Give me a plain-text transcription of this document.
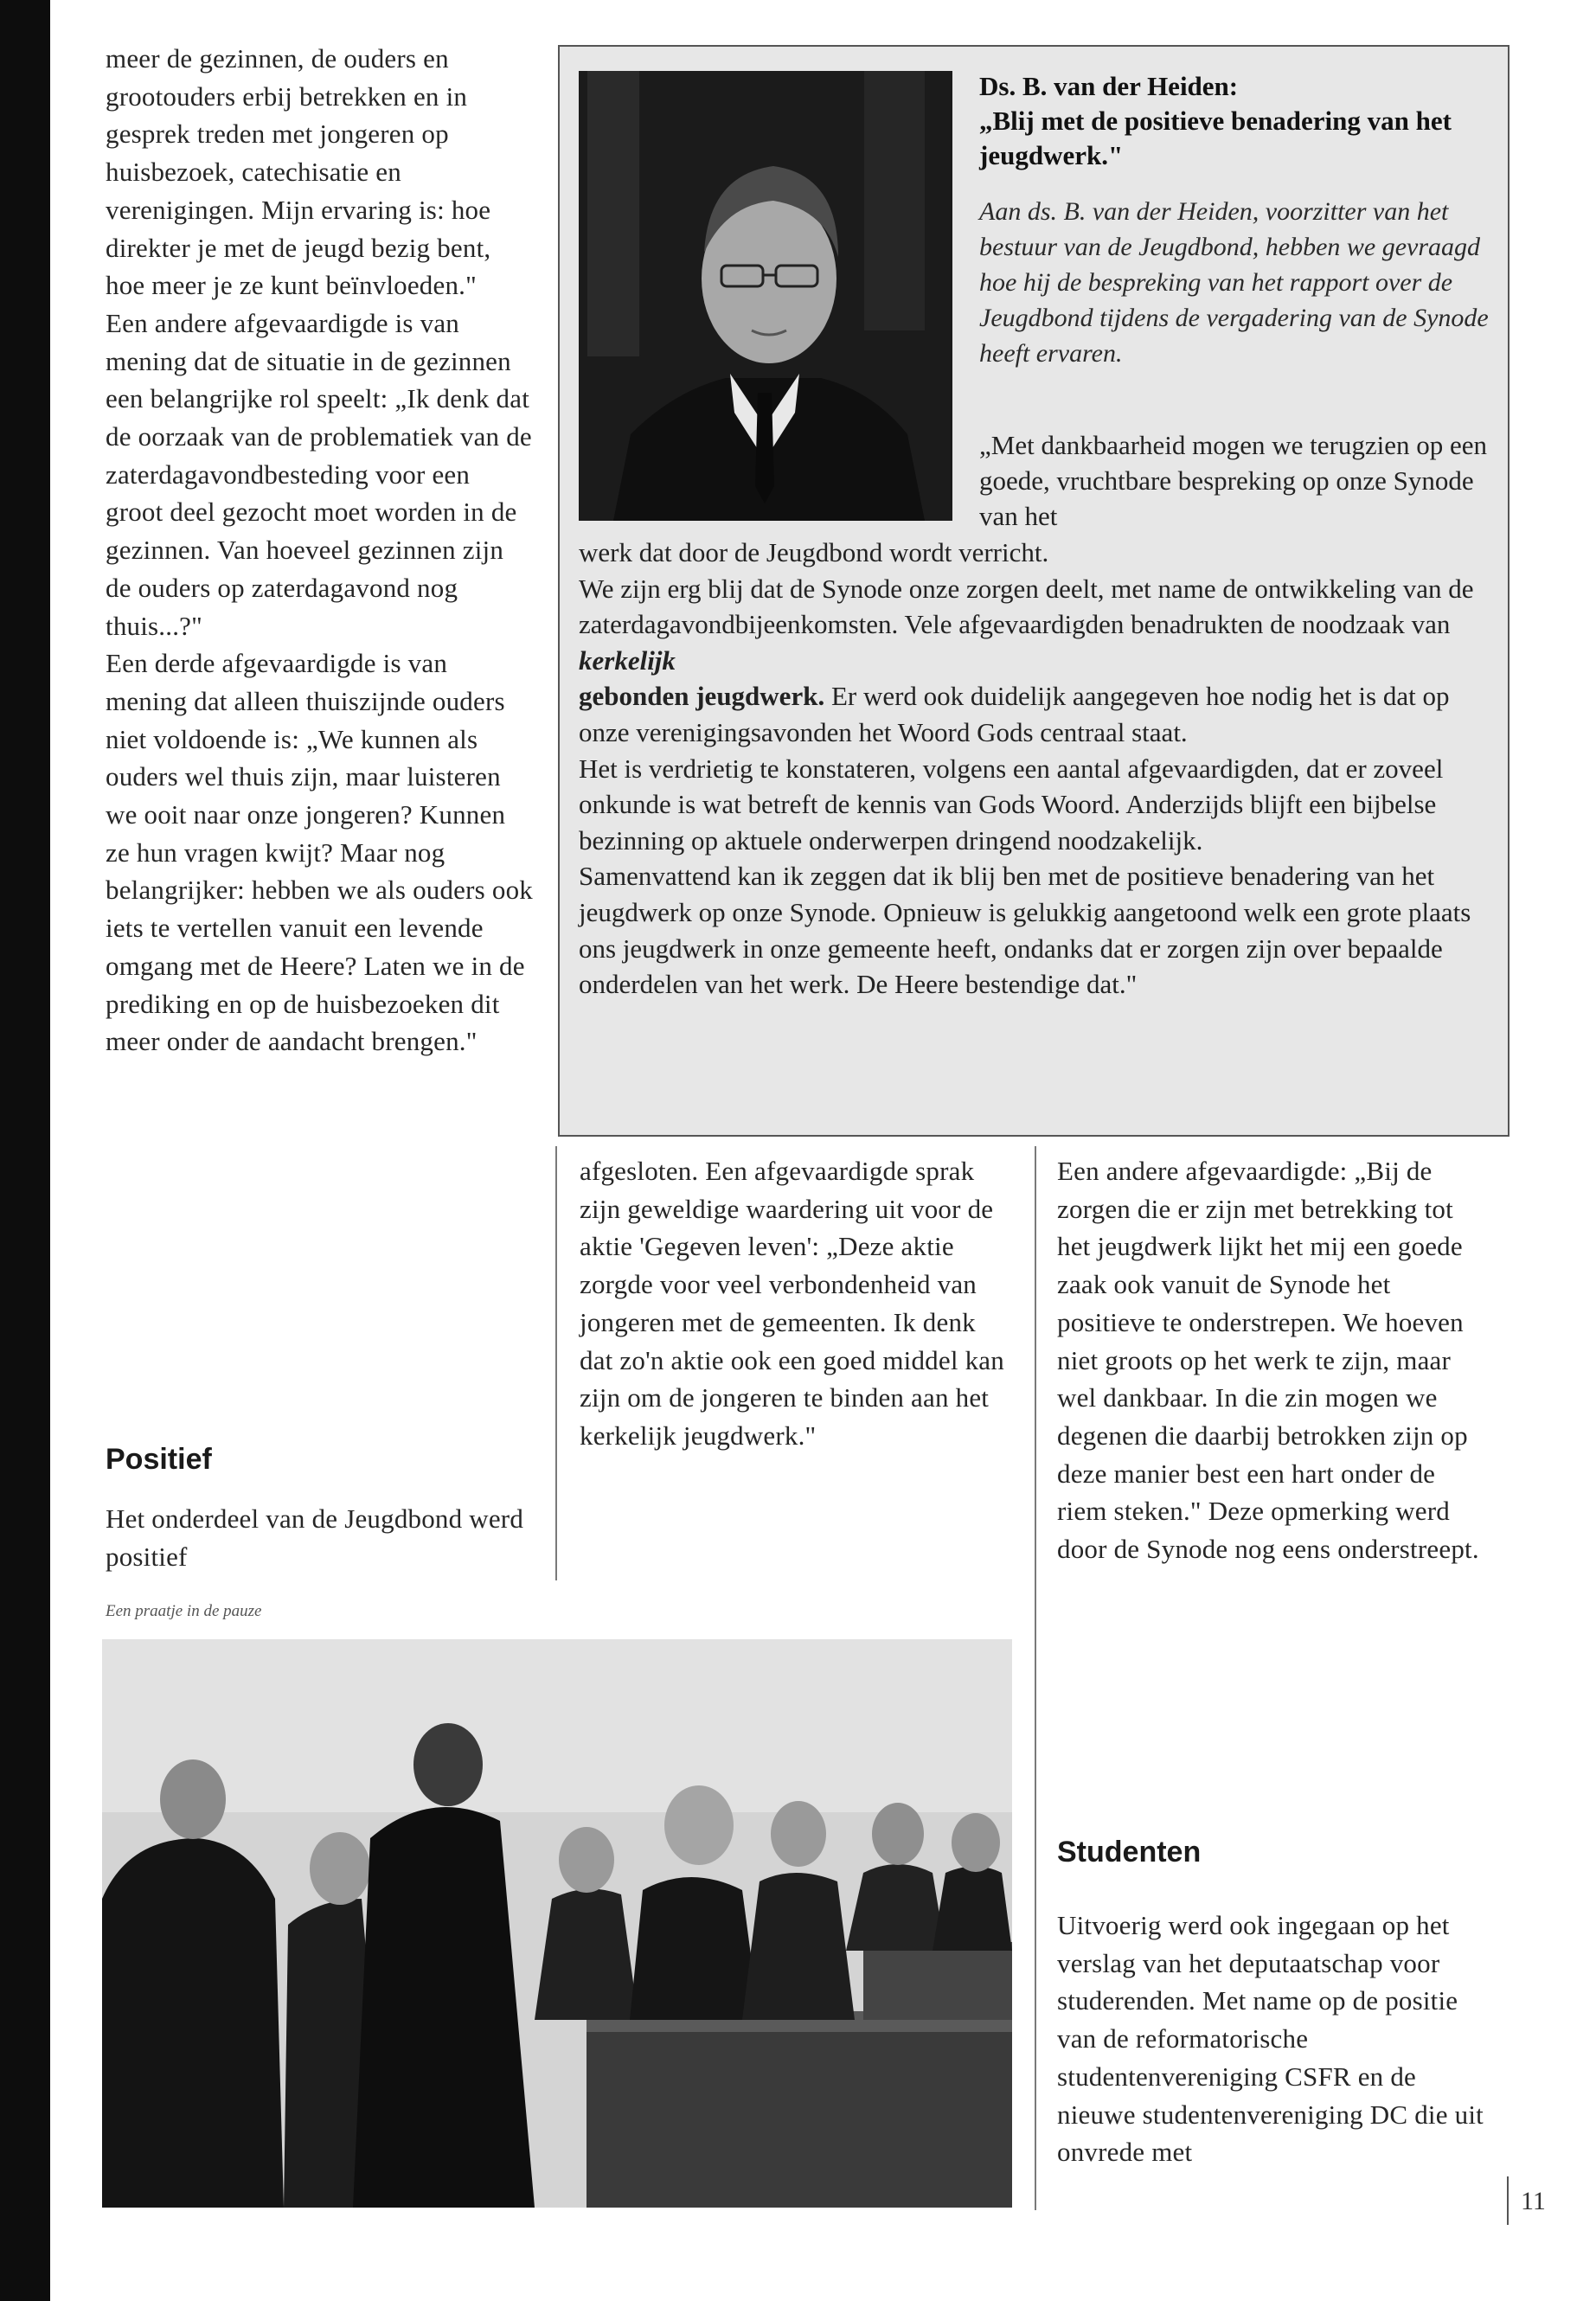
meer de gezinnen, de ouders en grootouders erbij betrekken en in gesprek treden met jongeren op huisbezoek, catechisatie en verenigingen. Mijn ervaring is: hoe direkter je met de jeugd bezig bent, hoe meer je ze kunt beïnvloeden."

Een andere afgevaardigde is van mening dat de situatie in de gezinnen een belangrijke rol speelt: „Ik denk dat de oorzaak van de problematiek van de zaterdagavondbesteding voor een groot deel gezocht moet worden in de gezinnen. Van hoeveel gezinnen zijn de ouders op zaterdagavond nog thuis...?"

Een derde afgevaardigde is van mening dat alleen thuiszijnde ouders niet voldoende is: „We kunnen als ouders wel thuis zijn, maar luisteren we ooit naar onze jongeren? Kunnen ze hun vragen kwijt? Maar nog belangrijker: hebben we als ouders ook iets te vertellen vanuit een levende omgang met de Heere? Laten we in de prediking en op de huisbezoeken dit meer onder de aandacht brengen."

Positief

Het onderdeel van de Jeugdbond werd positief

Een praatje in de pauze

Ds. B. van der Heiden:
„Blij met de positieve benadering van het jeugdwerk."

Aan ds. B. van der Heiden, voorzitter van het bestuur van de Jeugdbond, hebben we gevraagd hoe hij de bespreking van het rapport over de Jeugdbond tijdens de vergadering van de Synode heeft ervaren.

„Met dankbaarheid mogen we terugzien op een goede, vruchtbare bespreking op onze Synode van het

werk dat door de Jeugdbond wordt verricht.

We zijn erg blij dat de Synode onze zorgen deelt, met name de ontwikkeling van de zaterdagavondbijeenkomsten. Vele afgevaardigden benadrukten de noodzaak van kerkelijk
gebonden jeugdwerk. Er werd ook duidelijk aangegeven hoe nodig het is dat op onze verenigingsavonden het Woord Gods centraal staat.

Het is verdrietig te konstateren, volgens een aantal afgevaardigden, dat er zoveel onkunde is wat betreft de kennis van Gods Woord. Anderzijds blijft een bijbelse bezinning op aktuele onderwerpen dringend noodzakelijk.

Samenvattend kan ik zeggen dat ik blij ben met de positieve benadering van het jeugdwerk op onze Synode. Opnieuw is gelukkig aangetoond welk een grote plaats ons jeugdwerk in onze gemeente heeft, ondanks dat er zorgen zijn over bepaalde onderdelen van het werk. De Heere bestendige dat."

afgesloten. Een afgevaardigde sprak zijn geweldige waardering uit voor de aktie 'Gegeven leven': „Deze aktie zorgde voor veel verbondenheid van jongeren met de gemeenten. Ik denk dat zo'n aktie ook een goed middel kan zijn om de jongeren te binden aan het kerkelijk jeugdwerk."

Een andere afgevaardigde: „Bij de zorgen die er zijn met betrekking tot het jeugdwerk lijkt het mij een goede zaak ook vanuit de Synode het positieve te onderstrepen. We hoeven niet groots op het werk te zijn, maar wel dankbaar. In die zin mogen we degenen die daarbij betrokken zijn op deze manier best een hart onder de riem steken." Deze opmerking werd door de Synode nog eens onderstreept.

Studenten

Uitvoerig werd ook ingegaan op het verslag van het deputaatschap voor studerenden. Met name op de positie van de reformatorische studentenvereniging CSFR en de nieuwe studentenvereniging DC die uit onvrede met

11
